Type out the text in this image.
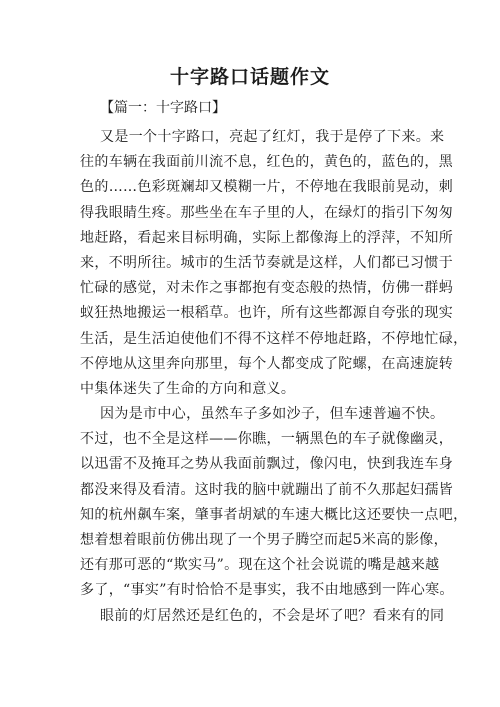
十字路口话题作文
【篇一：十字路口】
又是一个十字路口，亮起了红灯，我于是停了下来。来
往的车辆在我面前川流不息，红色的，黄色的，蓝色的，黑
色的……色彩斑斓却又模糊一片，不停地在我眼前晃动，刺
得我眼睛生疼。那些坐在车子里的人，在绿灯的指引下匆匆
地赶路，看起来目标明确，实际上都像海上的浮萍，不知所
来，不明所往。城市的生活节奏就是这样，人们都已习惯于
忙碌的感觉，对未作之事都抱有变态般的热情，仿佛一群蚂
蚁狂热地搬运一根稻草。也许，所有这些都源自夸张的现实
生活，是生活迫使他们不得不这样不停地赶路，不停地忙碌，
不停地从这里奔向那里，每个人都变成了陀螺，在高速旋转
中集体迷失了生命的方向和意义。
因为是市中心，虽然车子多如沙子，但车速普遍不快。
不过，也不全是这样——你瞧，一辆黑色的车子就像幽灵，
以迅雷不及掩耳之势从我面前飘过，像闪电，快到我连车身
都没来得及看清。这时我的脑中就蹦出了前不久那起妇孺皆
知的杭州飙车案，肇事者胡斌的车速大概比这还要快一点吧，
想着想着眼前仿佛出现了一个男子腾空而起5米高的影像，
还有那可恶的“欺实马”。现在这个社会说谎的嘴是越来越
多了，“事实”有时恰恰不是事实，我不由地感到一阵心寒。
眼前的灯居然还是红色的，不会是坏了吧？看来有的同
